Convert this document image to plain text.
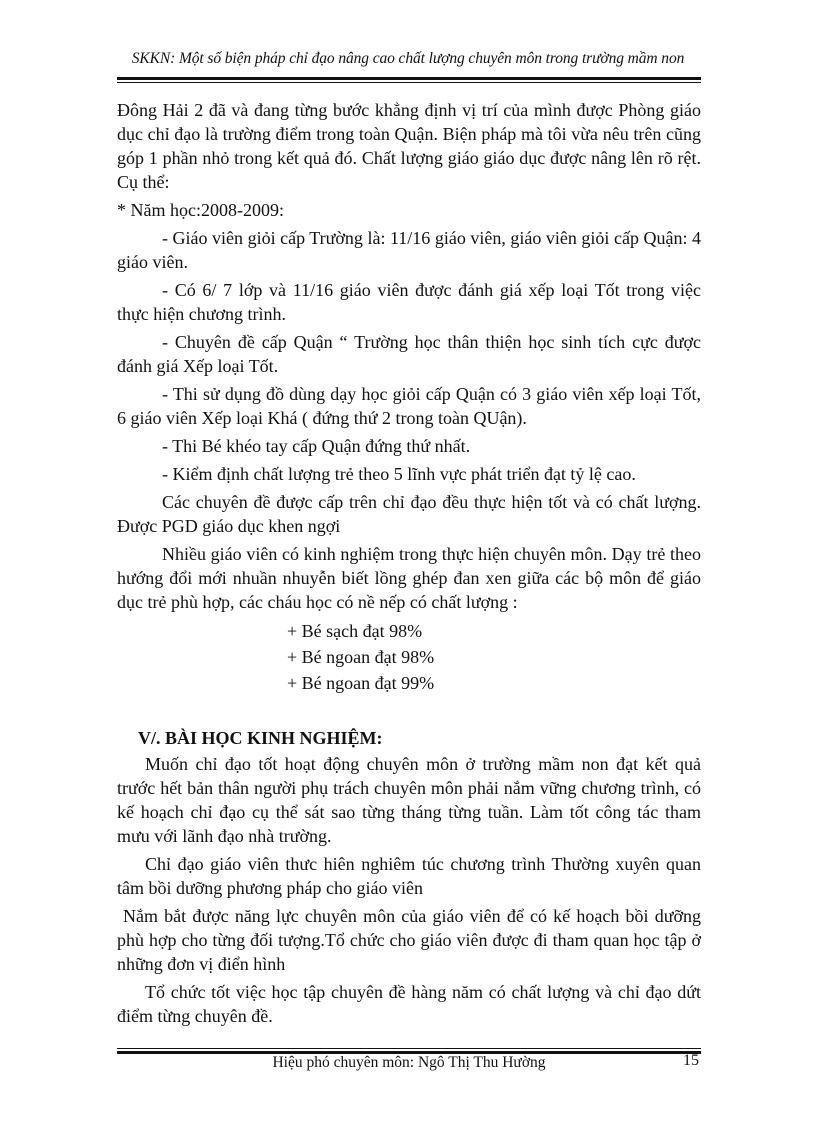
SKKN: Một số biện pháp chỉ đạo nâng cao chất lượng chuyên môn trong trường mầm non

Đông Hải 2 đã và đang từng bước khẳng định vị trí của mình được Phòng giáo dục chỉ đạo là trường điểm trong toàn Quận. Biện pháp mà tôi vừa nêu trên cũng góp 1 phần nhỏ trong kết quả đó. Chất lượng giáo giáo dục được nâng lên rõ rệt. Cụ thể:

* Năm học:2008-2009:

- Giáo viên giỏi cấp Trường là: 11/16 giáo viên, giáo viên giỏi cấp Quận: 4 giáo viên.

- Có 6/ 7 lớp và 11/16 giáo viên được đánh giá xếp loại Tốt trong việc thực hiện chương trình.

- Chuyên đề cấp Quận “ Trường học thân thiện học sinh tích cực được đánh giá Xếp loại Tốt.

- Thi sử dụng đồ dùng dạy học giỏi cấp Quận có 3 giáo viên xếp loại Tốt, 6 giáo viên Xếp loại Khá ( đứng thứ 2 trong toàn QUận).

- Thi Bé khéo tay cấp Quận đứng thứ nhất.

- Kiểm định chất lượng trẻ theo 5 lĩnh vực phát triển đạt tỷ lệ cao.

Các chuyên đề được cấp trên chỉ đạo đều thực hiện tốt và có chất lượng. Được PGD giáo dục khen ngợi

Nhiều giáo viên có kinh nghiệm trong thực hiện chuyên môn. Dạy trẻ theo hướng đổi mới nhuần nhuyễn biết lồng ghép đan xen giữa các bộ môn để giáo dục trẻ phù hợp, các cháu học có nề nếp có chất lượng :

+ Bé sạch đạt 98%
+ Bé ngoan đạt 98%
+ Bé ngoan đạt 99%

V/. BÀI HỌC KINH NGHIỆM:

Muốn chỉ đạo tốt hoạt động chuyên môn ở trường mầm non đạt kết quả trước hết bản thân người phụ trách chuyên môn phải nắm vững chương trình, có kế hoạch chỉ đạo cụ thể sát sao từng tháng từng tuần. Làm tốt công tác tham mưu với lãnh đạo nhà trường.

Chỉ đạo giáo viên thưc hiên nghiêm túc chương trình Thường xuyên quan tâm bồi dưỡng phương pháp cho giáo viên

Nắm bắt được năng lực chuyên môn của giáo viên để có kế hoạch bồi dưỡng phù hợp cho từng đối tượng.Tổ chức cho giáo viên được đi tham quan học tập ở những đơn vị điển hình

Tổ chức tốt việc học tập chuyên đề hàng năm có chất lượng và chỉ đạo dứt điểm từng chuyên đề.

Hiệu phó chuyên môn: Ngô Thị Thu Hường	15
